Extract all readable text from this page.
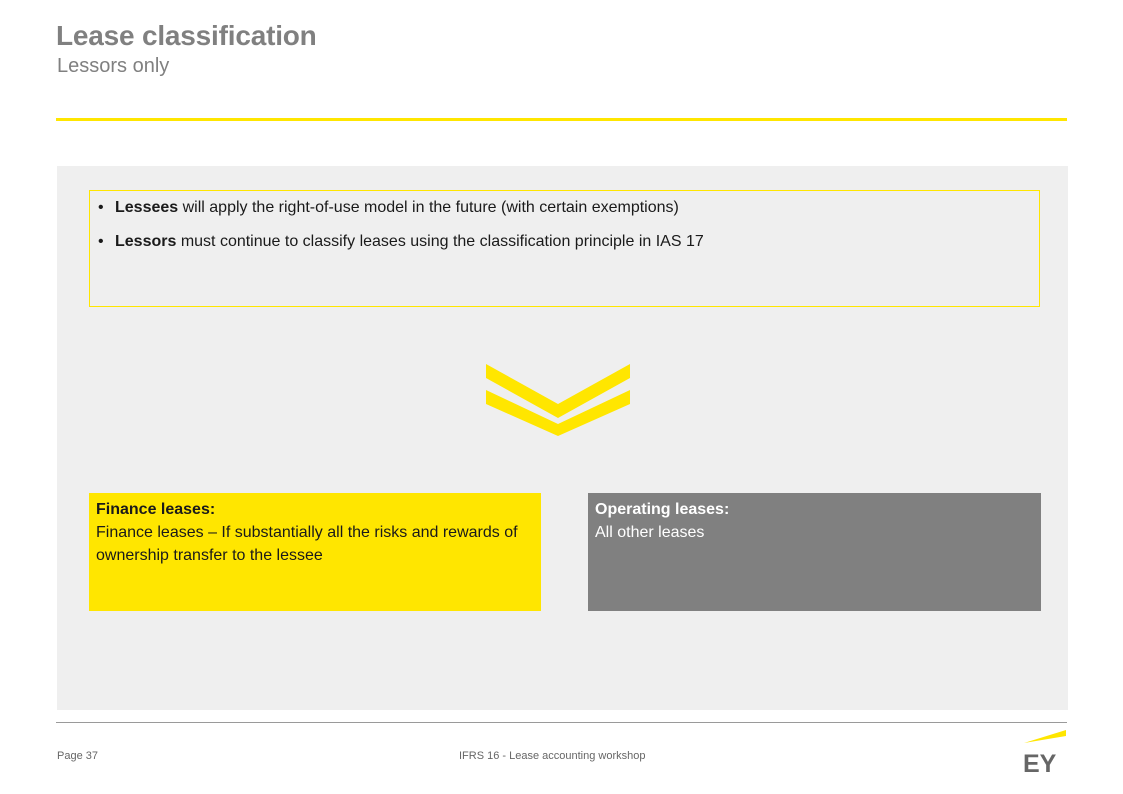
Lease classification
Lessors only
• Lessees will apply the right-of-use model in the future (with certain exemptions)
• Lessors must continue to classify leases using the classification principle in IAS 17
Finance leases:
Finance leases – If substantially all the risks and rewards of ownership transfer to the lessee
Operating leases:
All other leases
Page 37	IFRS 16 - Lease accounting workshop	EY
